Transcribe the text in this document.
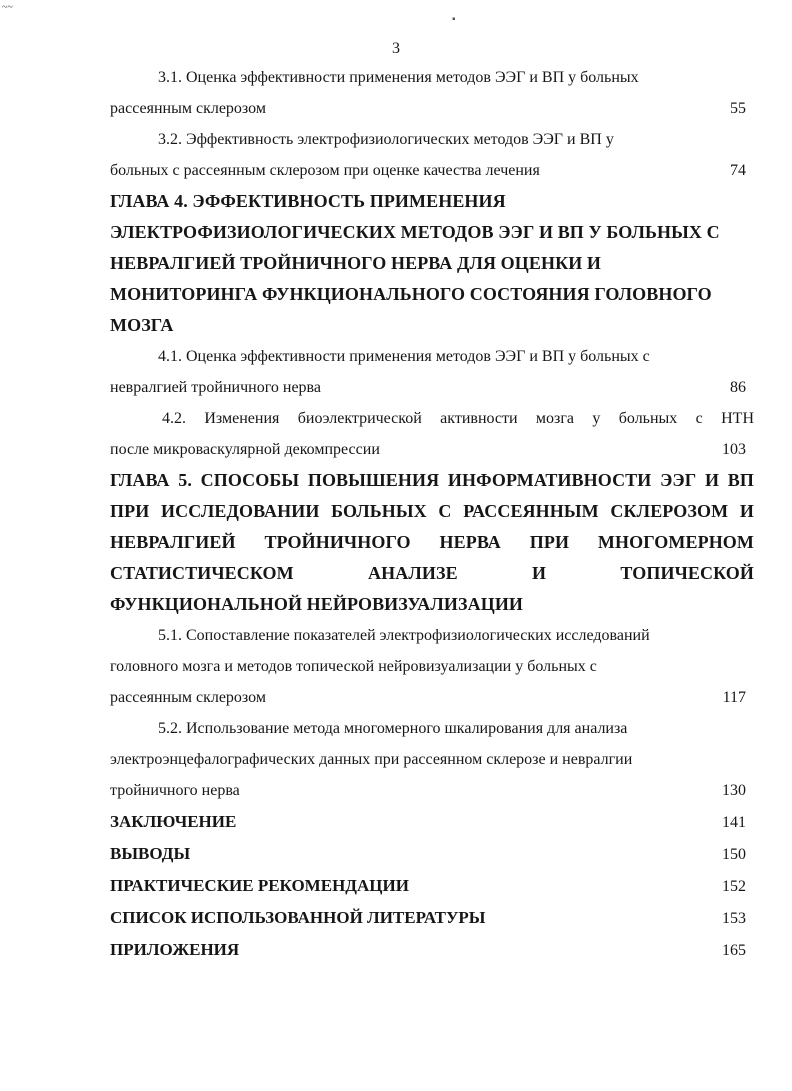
~~
▪
3
3.1. Оценка эффективности применения методов ЭЭГ и ВП у больных
рассеянным склерозом	55
3.2. Эффективность электрофизиологических методов ЭЭГ и ВП у
больных с рассеянным склерозом при оценке качества лечения	74
ГЛАВА 4. ЭФФЕКТИВНОСТЬ ПРИМЕНЕНИЯ
ЭЛЕКТРОФИЗИОЛОГИЧЕСКИХ МЕТОДОВ ЭЭГ И ВП У БОЛЬНЫХ С
НЕВРАЛГИЕЙ ТРОЙНИЧНОГО НЕРВА ДЛЯ ОЦЕНКИ И
МОНИТОРИНГА ФУНКЦИОНАЛЬНОГО СОСТОЯНИЯ ГОЛОВНОГО
МОЗГА
4.1. Оценка эффективности применения методов ЭЭГ и ВП у больных с
невралгией тройничного нерва	86
4.2. Изменения биоэлектрической активности мозга у больных с НТН
после микроваскулярной декомпрессии	103
ГЛАВА 5. СПОСОБЫ ПОВЫШЕНИЯ ИНФОРМАТИВНОСТИ ЭЭГ И ВП
ПРИ ИССЛЕДОВАНИИ БОЛЬНЫХ С РАССЕЯННЫМ СКЛЕРОЗОМ И
НЕВРАЛГИЕЙ ТРОЙНИЧНОГО НЕРВА ПРИ МНОГОМЕРНОМ
СТАТИСТИЧЕСКОМ АНАЛИЗЕ И ТОПИЧЕСКОЙ
ФУНКЦИОНАЛЬНОЙ НЕЙРОВИЗУАЛИЗАЦИИ
5.1. Сопоставление показателей электрофизиологических исследований
головного мозга и методов топической нейровизуализации у больных с
рассеянным склерозом	117
5.2. Использование метода многомерного шкалирования для анализа
электроэнцефалографических данных при рассеянном склерозе и невралгии
тройничного нерва	130
ЗАКЛЮЧЕНИЕ	141
ВЫВОДЫ	150
ПРАКТИЧЕСКИЕ РЕКОМЕНДАЦИИ	152
СПИСОК ИСПОЛЬЗОВАННОЙ ЛИТЕРАТУРЫ	153
ПРИЛОЖЕНИЯ	165
